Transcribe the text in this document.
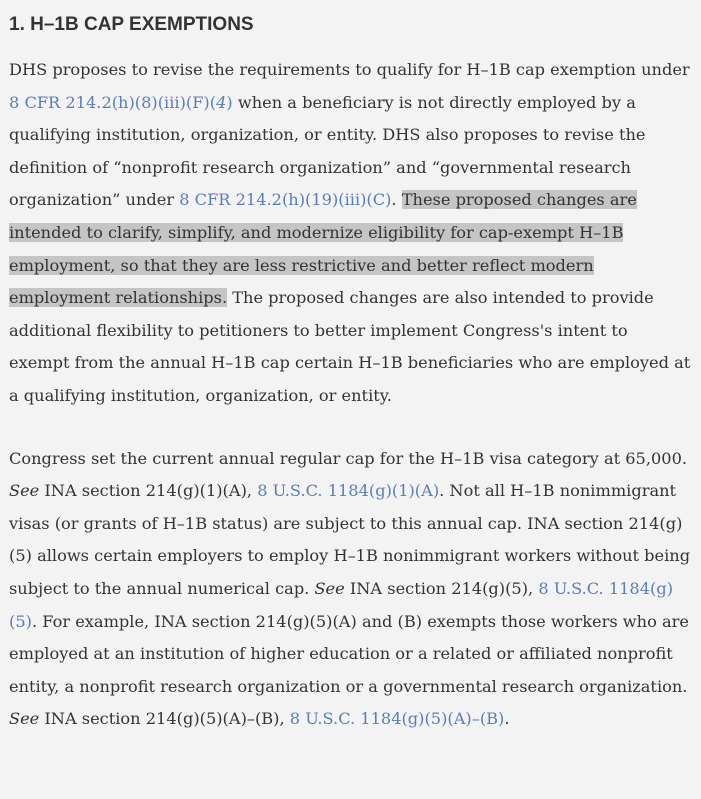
1. H–1B CAP EXEMPTIONS

DHS proposes to revise the requirements to qualify for H–1B cap exemption under 8 CFR 214.2(h)(8)(iii)(F)(4) when a beneficiary is not directly employed by a qualifying institution, organization, or entity. DHS also proposes to revise the definition of “nonprofit research organization” and “governmental research organization” under 8 CFR 214.2(h)(19)(iii)(C). These proposed changes are intended to clarify, simplify, and modernize eligibility for cap-exempt H–1B employment, so that they are less restrictive and better reflect modern employment relationships. The proposed changes are also intended to provide additional flexibility to petitioners to better implement Congress's intent to exempt from the annual H–1B cap certain H–1B beneficiaries who are employed at a qualifying institution, organization, or entity.

Congress set the current annual regular cap for the H–1B visa category at 65,000. See INA section 214(g)(1)(A), 8 U.S.C. 1184(g)(1)(A). Not all H–1B nonimmigrant visas (or grants of H–1B status) are subject to this annual cap. INA section 214(g)(5) allows certain employers to employ H–1B nonimmigrant workers without being subject to the annual numerical cap. See INA section 214(g)(5), 8 U.S.C. 1184(g)(5). For example, INA section 214(g)(5)(A) and (B) exempts those workers who are employed at an institution of higher education or a related or affiliated nonprofit entity, a nonprofit research organization or a governmental research organization. See INA section 214(g)(5)(A)–(B), 8 U.S.C. 1184(g)(5)(A)–(B).
